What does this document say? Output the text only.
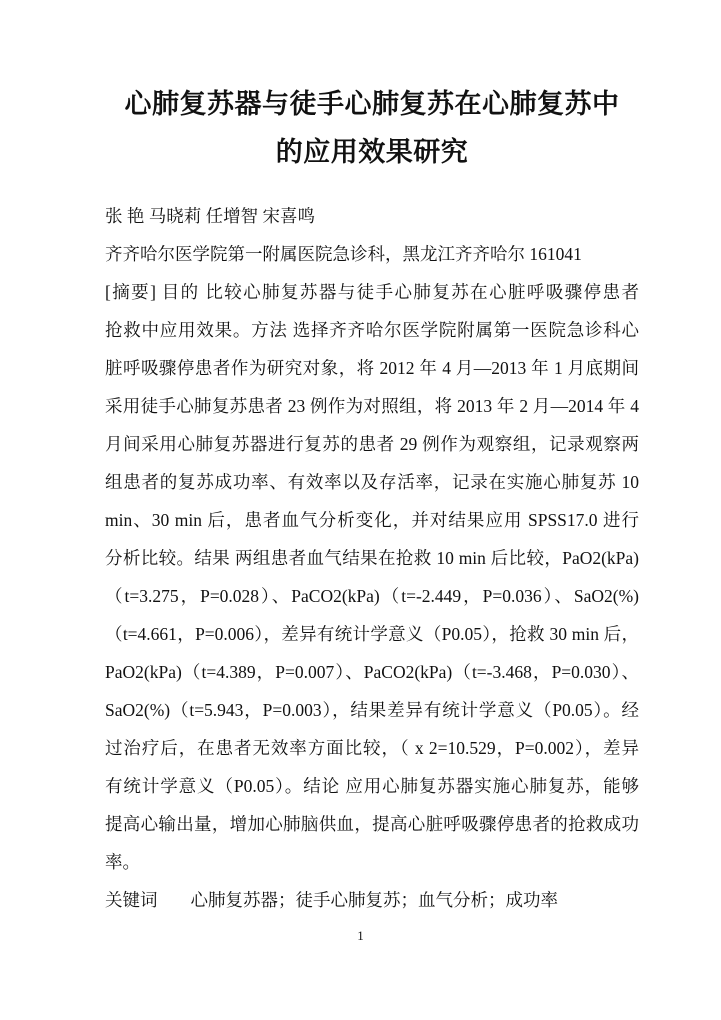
心肺复苏器与徒手心肺复苏在心肺复苏中
的应用效果研究
张 艳 马晓莉 任增智 宋喜鸣
齐齐哈尔医学院第一附属医院急诊科，黑龙江齐齐哈尔 161041
[摘要] 目的 比较心肺复苏器与徒手心肺复苏在心脏呼吸骤停患者
抢救中应用效果。方法 选择齐齐哈尔医学院附属第一医院急诊科心
脏呼吸骤停患者作为研究对象，将 2012 年 4 月—2013 年 1 月底期间
采用徒手心肺复苏患者 23 例作为对照组，将 2013 年 2 月—2014 年 4
月间采用心肺复苏器进行复苏的患者 29 例作为观察组，记录观察两
组患者的复苏成功率、有效率以及存活率，记录在实施心肺复苏 10
min、30 min 后，患者血气分析变化，并对结果应用 SPSS17.0 进行
分析比较。结果 两组患者血气结果在抢救 10 min 后比较，PaO2(kPa)
（t=3.275，P=0.028）、PaCO2(kPa)（t=-2.449，P=0.036）、SaO2(%)
（t=4.661，P=0.006），差异有统计学意义（P0.05），抢救 30 min 后，
PaO2(kPa)（t=4.389，P=0.007）、PaCO2(kPa)（t=-3.468，P=0.030）、
SaO2(%)（t=5.943，P=0.003），结果差异有统计学意义（P0.05）。经
过治疗后，在患者无效率方面比较，（ x 2=10.529，P=0.002），差异
有统计学意义（P0.05）。结论 应用心肺复苏器实施心肺复苏，能够
提高心输出量，增加心肺脑供血，提高心脏呼吸骤停患者的抢救成功
率。
关键词 心肺复苏器；徒手心肺复苏；血气分析；成功率
1
